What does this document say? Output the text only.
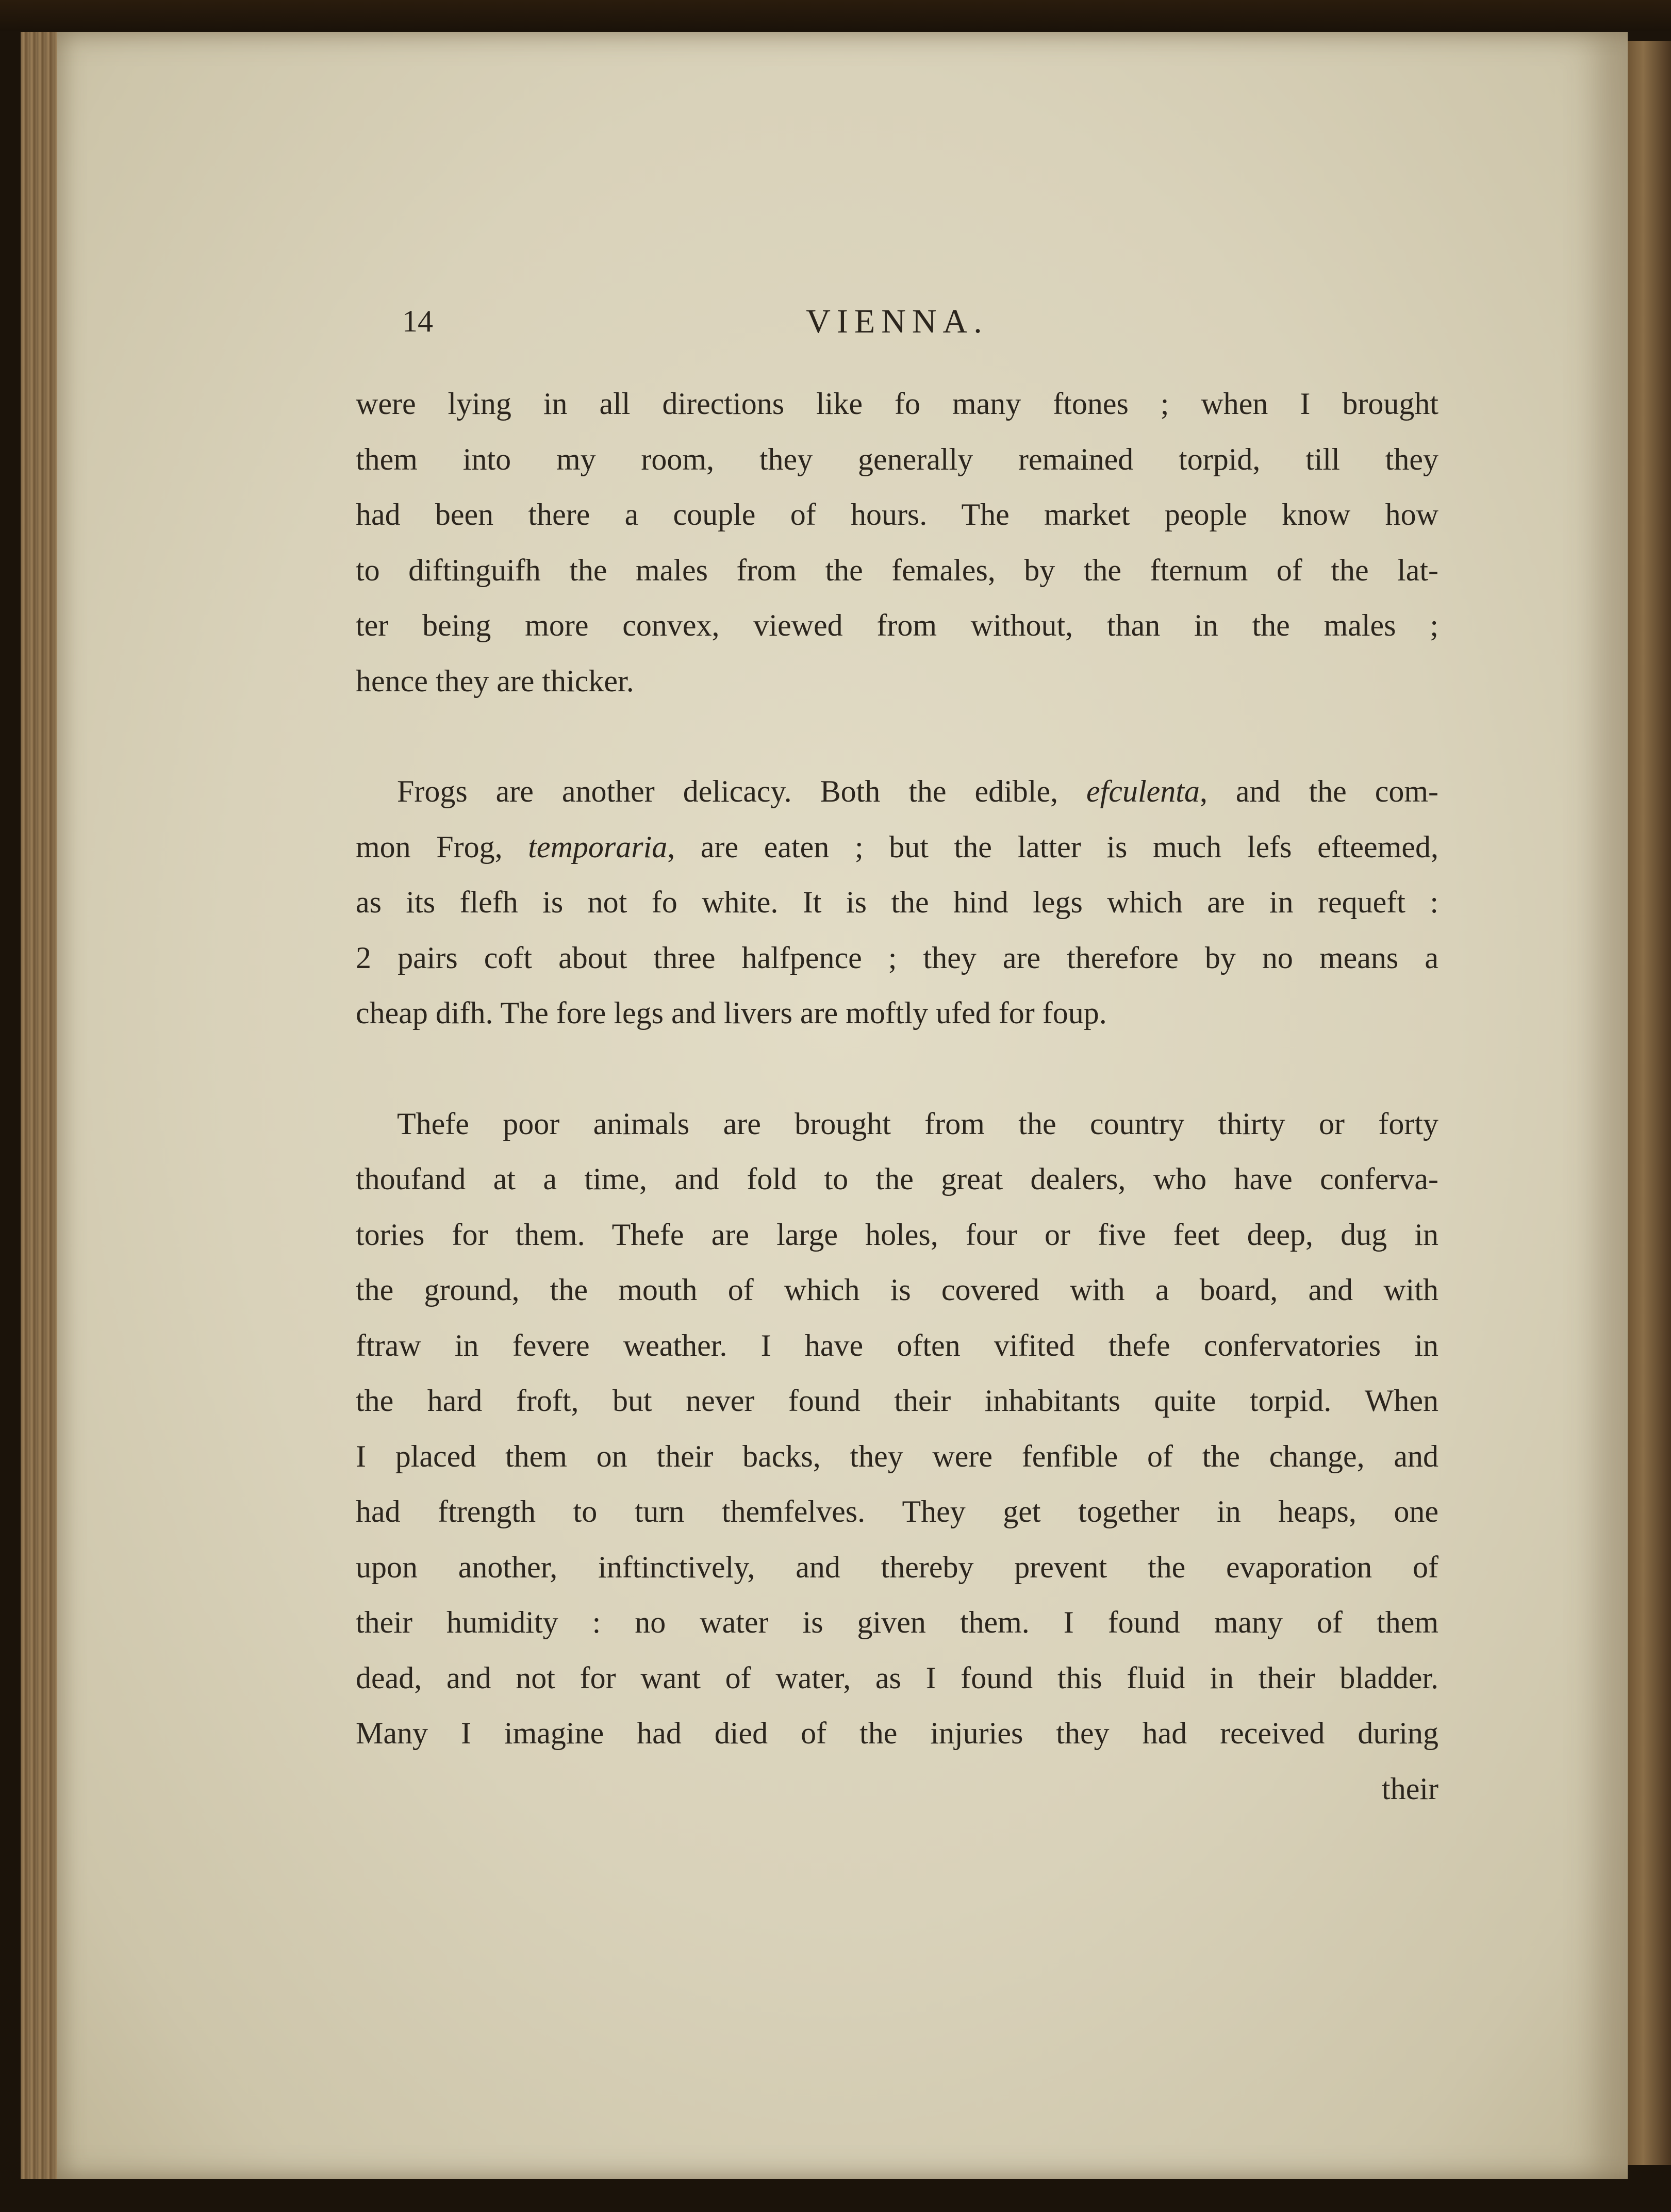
14	VIENNA.
were lying in all directions like fo many ftones ; when I brought
them into my room, they generally remained torpid, till they
had been there a couple of hours. The market people know how
to diftinguifh the males from the females, by the fternum of the lat-
ter being more convex, viewed from without, than in the males ;
hence they are thicker.
Frogs are another delicacy. Both the edible, efculenta, and the com-
mon Frog, temporaria, are eaten ; but the latter is much lefs efteemed,
as its flefh is not fo white. It is the hind legs which are in requeft :
2 pairs coft about three halfpence ; they are therefore by no means a
cheap difh. The fore legs and livers are moftly ufed for foup.
Thefe poor animals are brought from the country thirty or forty
thoufand at a time, and fold to the great dealers, who have conferva-
tories for them. Thefe are large holes, four or five feet deep, dug in
the ground, the mouth of which is covered with a board, and with
ftraw in fevere weather. I have often vifited thefe confervatories in
the hard froft, but never found their inhabitants quite torpid. When
I placed them on their backs, they were fenfible of the change, and
had ftrength to turn themfelves. They get together in heaps, one
upon another, inftinctively, and thereby prevent the evaporation of
their humidity : no water is given them. I found many of them
dead, and not for want of water, as I found this fluid in their bladder.
Many I imagine had died of the injuries they had received during
their
